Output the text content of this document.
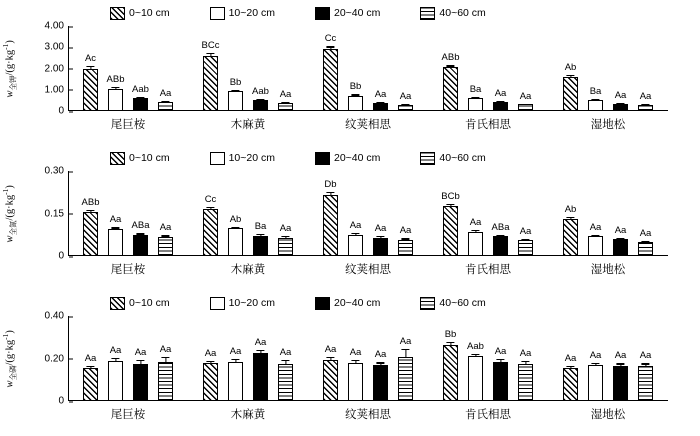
0~10 cm	10~20 cm	20~40 cm	40~60 cm
$w_{全钾}/(g\cdot kg^{-1})$
0
1.00
2.00
3.00
4.00
Ac
ABb
Aab Aa
BCc
Bb
Aab Aa
Cc
Bb
Aa Aa
ABb
Ba Aa Aa
Ab
Ba Aa Aa
尾巨桉	木麻黄	纹荚相思	肯氏相思	湿地松
0~10 cm	10~20 cm	20~40 cm	40~60 cm
$w_{全氮}/(g\cdot kg^{-1})$
0
0.15
0.30
ABb
Aa
ABa Aa
Cc
Ab
Ba Aa
Db
Aa Aa Aa
BCb
Aa ABa Aa
Ab
Aa Aa Aa
尾巨桉	木麻黄	纹荚相思	肯氏相思	湿地松
0~10 cm	10~20 cm	20~40 cm	40~60 cm
$w_{全磷}/(g\cdot kg^{-1})$
0
0.20
0.40
Aa
Aa Aa Aa	Aa Aa
Aa
Aa	Aa Aa Aa
Aa
Bb
Aab Aa Aa	Aa Aa Aa Aa
尾巨桉	木麻黄	纹荚相思	肯氏相思	湿地松
